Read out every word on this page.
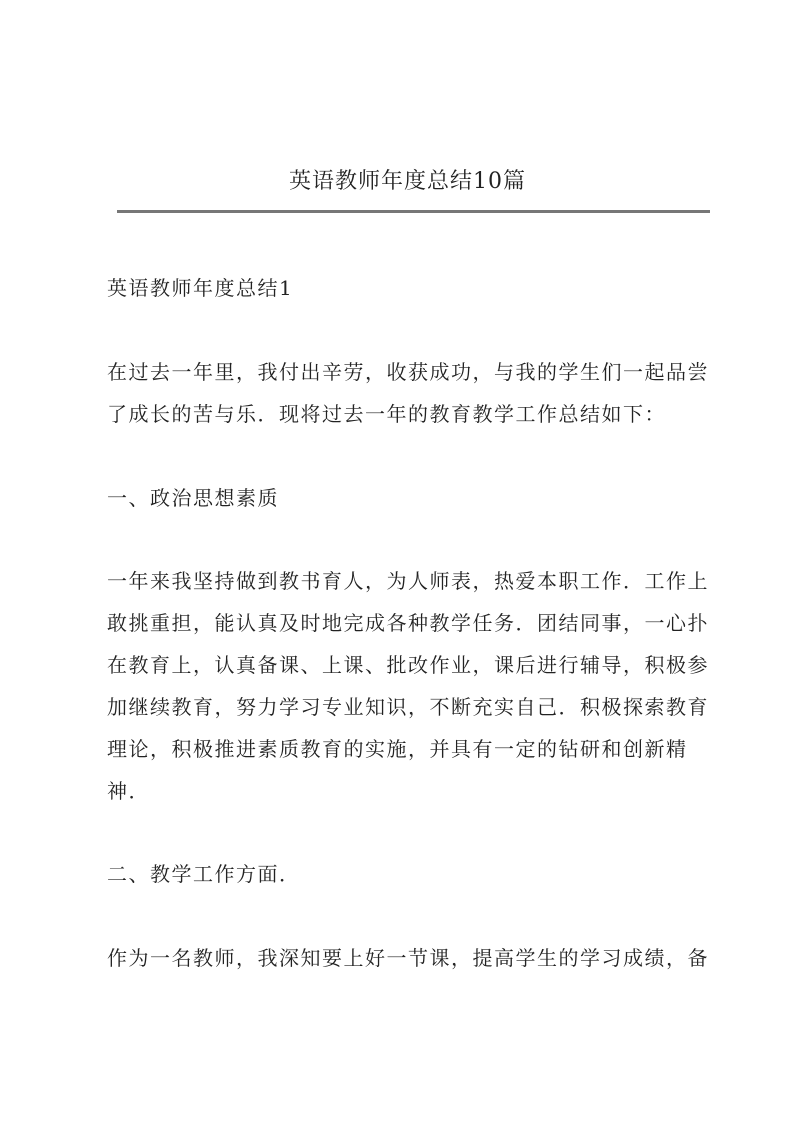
英语教师年度总结10篇
英语教师年度总结1
在过去一年里，我付出辛劳，收获成功，与我的学生们一起品尝
了成长的苦与乐．现将过去一年的教育教学工作总结如下：
一、政治思想素质
一年来我坚持做到教书育人，为人师表，热爱本职工作．工作上
敢挑重担，能认真及时地完成各种教学任务．团结同事，一心扑
在教育上，认真备课、上课、批改作业，课后进行辅导，积极参
加继续教育，努力学习专业知识，不断充实自己．积极探索教育
理论，积极推进素质教育的实施，并具有一定的钻研和创新精
神．
二、教学工作方面．
作为一名教师，我深知要上好一节课，提高学生的学习成绩，备
